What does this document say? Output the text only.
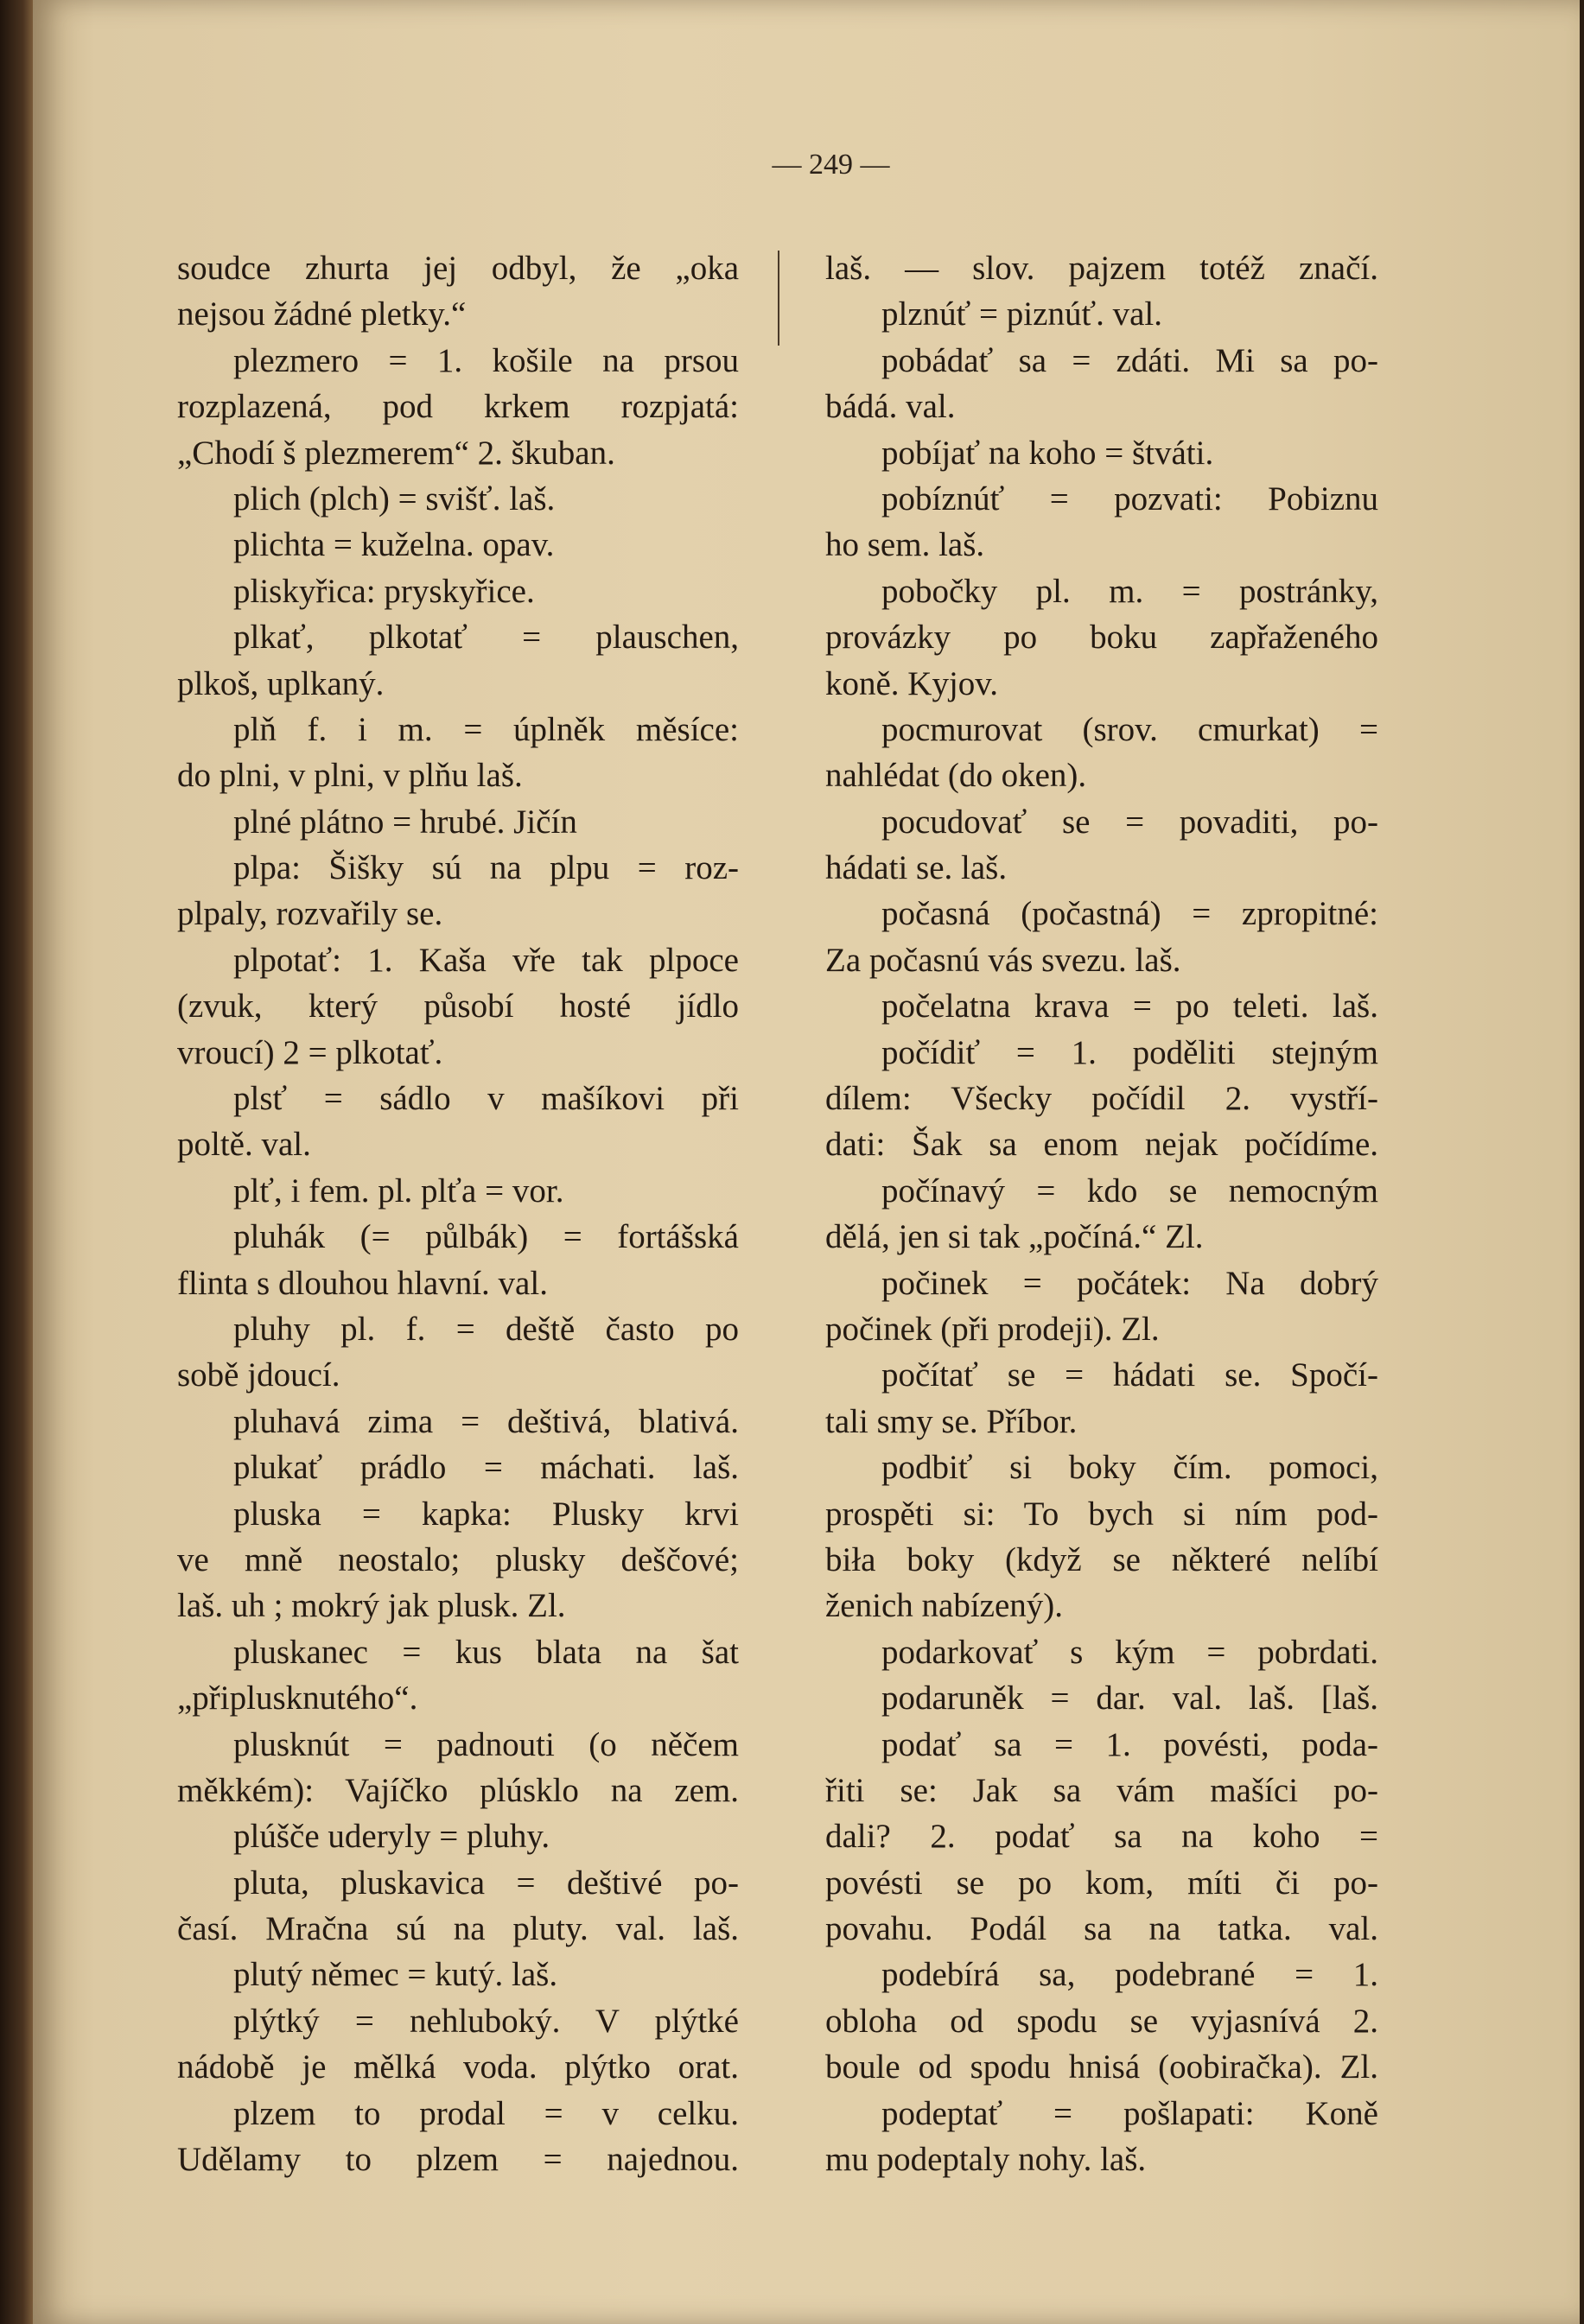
— 249 —
soudce zhurta jej odbyl, že „oka
nejsou žádné pletky.“
plezmero = 1. košile na prsou
rozplazená, pod krkem rozpjatá:
„Chodí š plezmerem“ 2. škuban.
plich (plch) = svišť. laš.
plichta = kuželna. opav.
pliskyřica: pryskyřice.
plkať, plkotať = plauschen,
plkoš, uplkaný.
plň f. i m. = úplněk měsíce:
do plni, v plni, v plňu laš.
plné plátno = hrubé. Jičín
plpa: Šišky sú na plpu = roz-
plpaly, rozvařily se.
plpotať: 1. Kaša vře tak plpoce
(zvuk, který působí hosté jídlo
vroucí) 2 = plkotať.
plsť = sádlo v mašíkovi při
poltě. val.
plť, i fem. pl. plťa = vor.
pluhák (= půlbák) = fortášská
flinta s dlouhou hlavní. val.
pluhy pl. f. = deště často po
sobě jdoucí.
pluhavá zima = deštivá, blativá.
plukať prádlo = máchati. laš.
pluska = kapka: Plusky krvi
ve mně neostalo; plusky deščové;
laš. uh ; mokrý jak plusk. Zl.
pluskanec = kus blata na šat
„připlusknutého“.
plusknút = padnouti (o něčem
měkkém): Vajíčko plúsklo na zem.
plúšče uderyly = pluhy.
pluta, pluskavica = deštivé po-
časí. Mračna sú na pluty. val. laš.
plutý němec = kutý. laš.
plýtký = nehluboký. V plýtké
nádobě je mělká voda. plýtko orat.
plzem to prodal = v celku.
Udělamy to plzem = najednou.
laš. — slov. pajzem totéž značí.
plznúť = piznúť. val.
pobádať sa = zdáti. Mi sa po-
bádá. val.
pobíjať na koho = štváti.
pobíznúť = pozvati: Pobiznu
ho sem. laš.
pobočky pl. m. = postránky,
provázky po boku zapřaženého
koně. Kyjov.
pocmurovat (srov. cmurkat) =
nahlédat (do oken).
pocudovať se = povaditi, po-
hádati se. laš.
počasná (počastná) = zpropitné:
Za počasnú vás svezu. laš.
počelatna krava = po teleti. laš.
počídiť = 1. poděliti stejným
dílem: Všecky počídil 2. vystří-
dati: Šak sa enom nejak počídíme.
počínavý = kdo se nemocným
dělá, jen si tak „počíná.“ Zl.
počinek = počátek: Na dobrý
počinek (při prodeji). Zl.
počítať se = hádati se. Spočí-
tali smy se. Příbor.
podbiť si boky čím. pomoci,
prospěti si: To bych si ním pod-
biła boky (když se některé nelíbí
ženich nabízený).
podarkovať s kým = pobrdati.
podaruněk = dar. val. laš. [laš.
podať sa = 1. povésti, poda-
řiti se: Jak sa vám mašíci po-
dali? 2. podať sa na koho =
povésti se po kom, míti či po-
povahu. Podál sa na tatka. val.
podebírá sa, podebrané = 1.
obloha od spodu se vyjasnívá 2.
boule od spodu hnisá (oobiračka). Zl.
podeptať = pošlapati: Koně
mu podeptaly nohy. laš.
